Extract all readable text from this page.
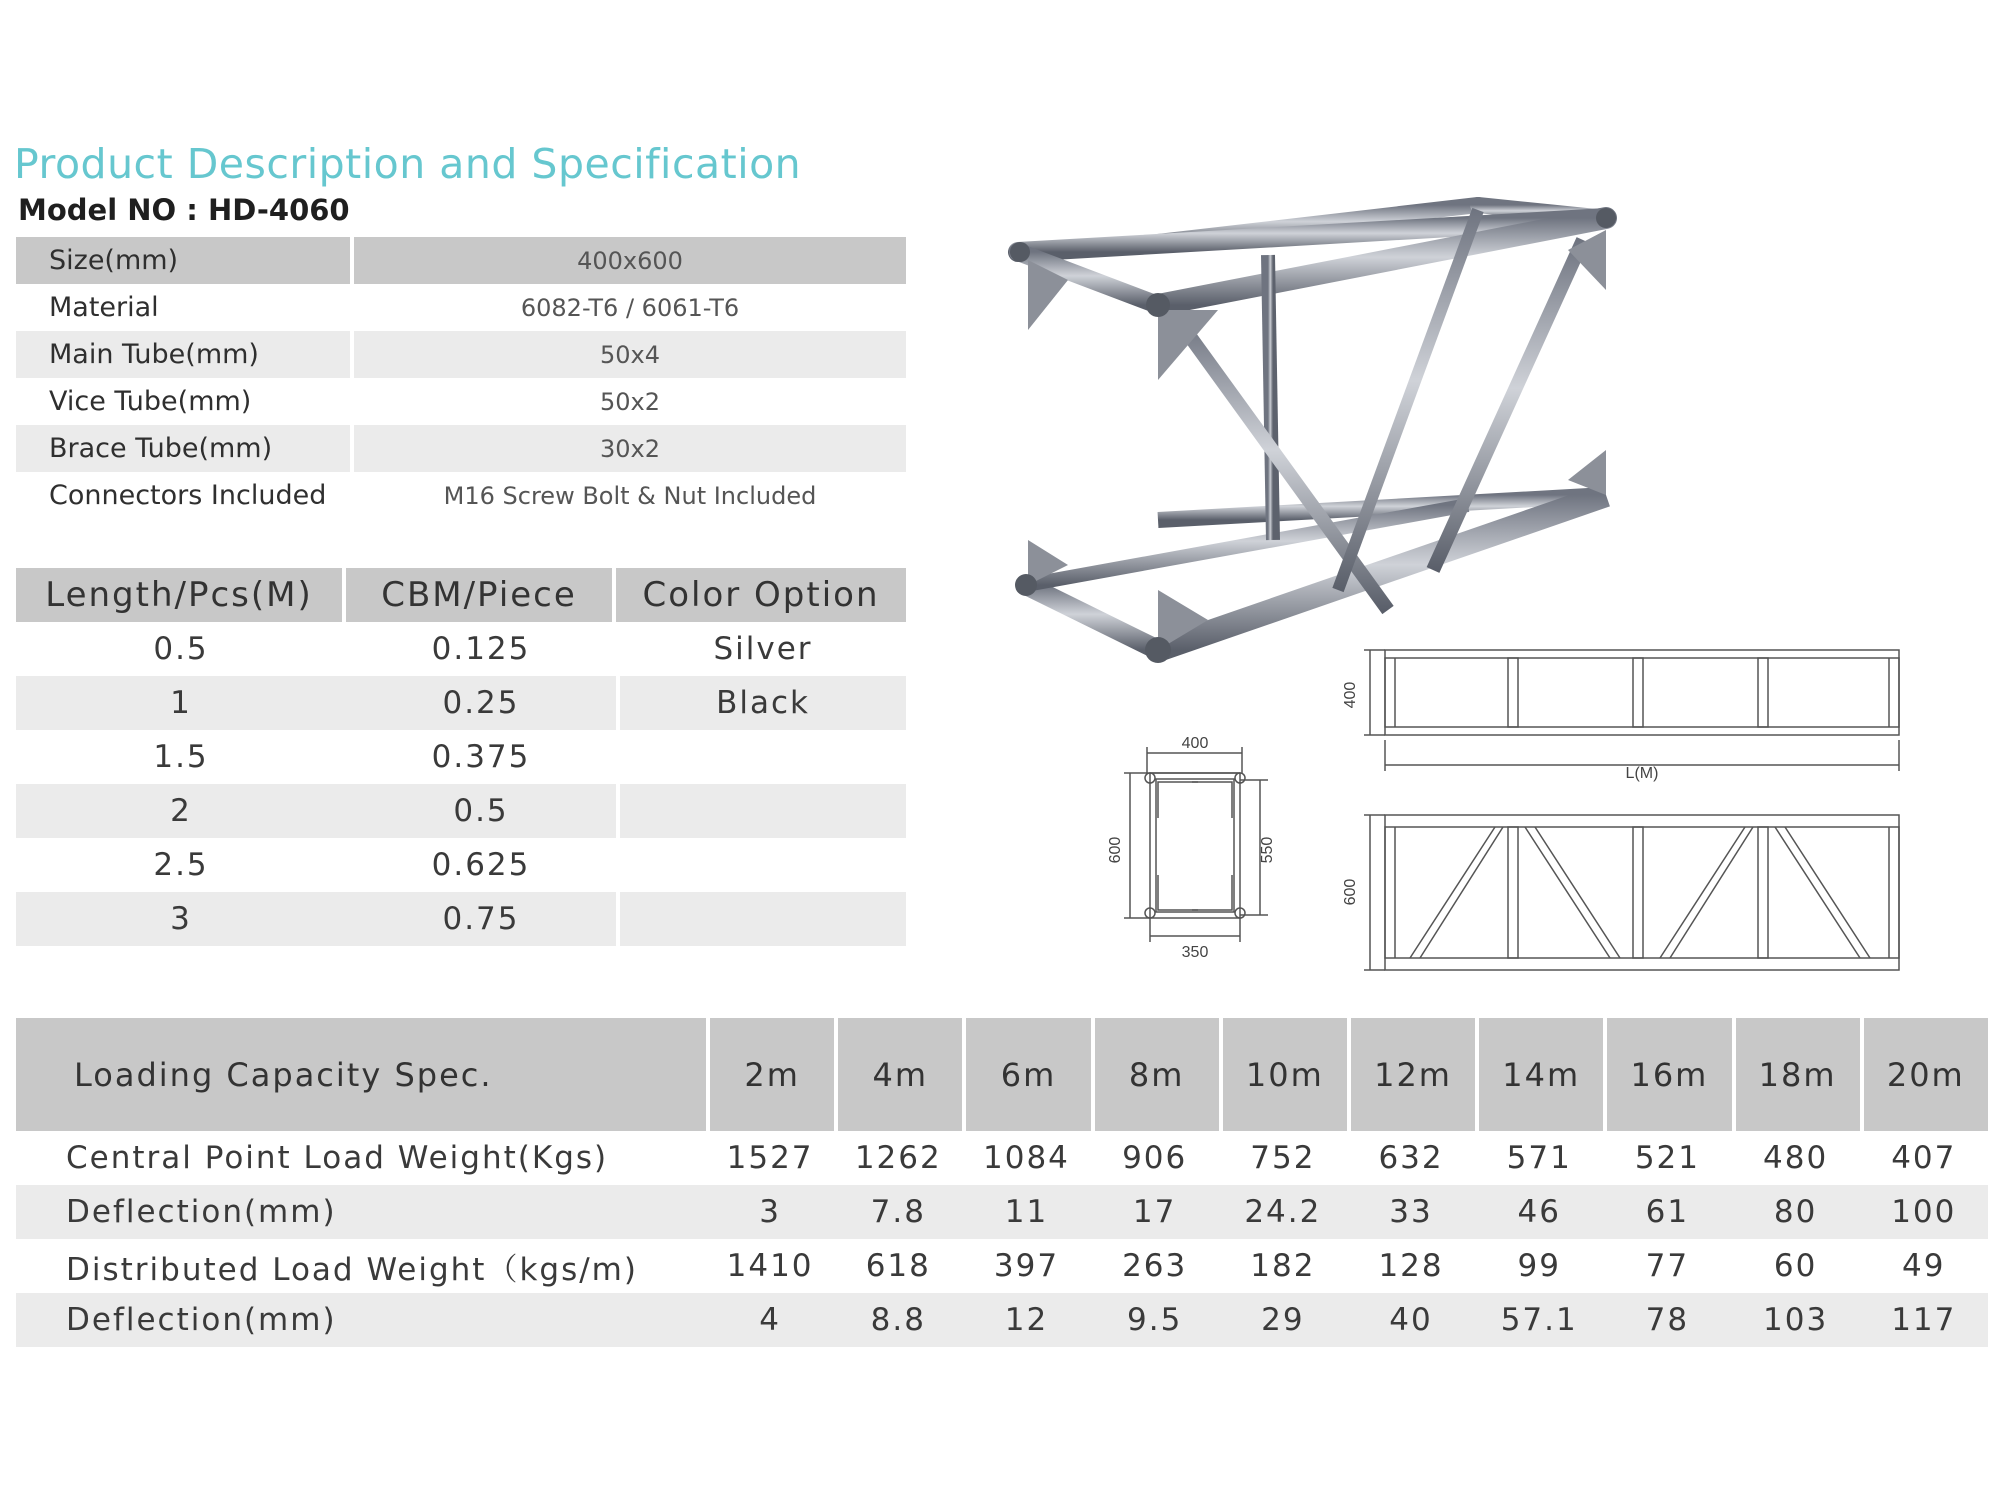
Product Description and Specification
Model NO : HD-4060
Size(mm)	400x600
Material	6082-T6 / 6061-T6
Main Tube(mm)	50x4
Vice Tube(mm)	50x2
Brace Tube(mm)	30x2
Connectors Included	M16 Screw Bolt & Nut Included
Length/Pcs(M)	CBM/Piece	Color Option
0.5	0.125	Silver
1	0.25	Black
1.5	0.375
2	0.5
2.5	0.625
3	0.75
400
350
600	550
400
L(M)
600
Loading Capacity Spec.	2m	4m	6m	8m	10m	12m	14m	16m	18m	20m
Central Point Load Weight(Kgs)	1527	1262	1084	906	752	632	571	521	480	407
Deflection(mm)	3	7.8	11	17	24.2	33	46	61	80	100
Distributed Load Weight（kgs/m)	1410	618	397	263	182	128	99	77	60	49
Deflection(mm)	4	8.8	12	9.5	29	40	57.1	78	103	117
